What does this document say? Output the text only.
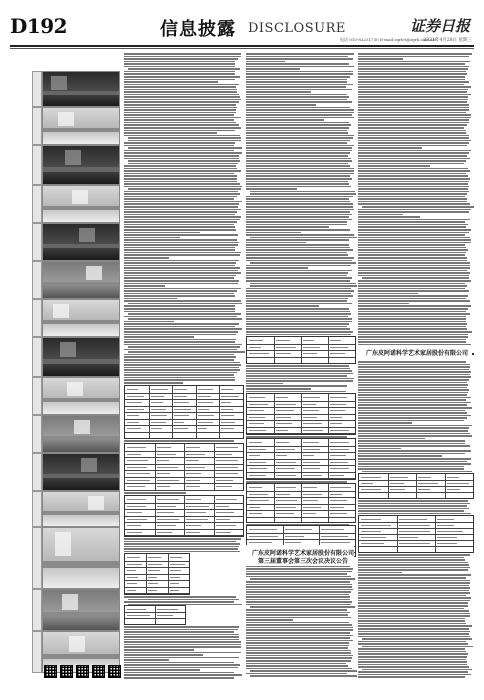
D192	信息披露 DISCLOSURE	证券日报
电话:010-83251730 E-mail:zqrb9@zqrb.sina.net
2021年4月28日 星期三
广东皮阿诺科学艺术家居股份有限公司
广东皮阿诺科学艺术家居股份有限公司
第三届董事会第三次会议决议公告
